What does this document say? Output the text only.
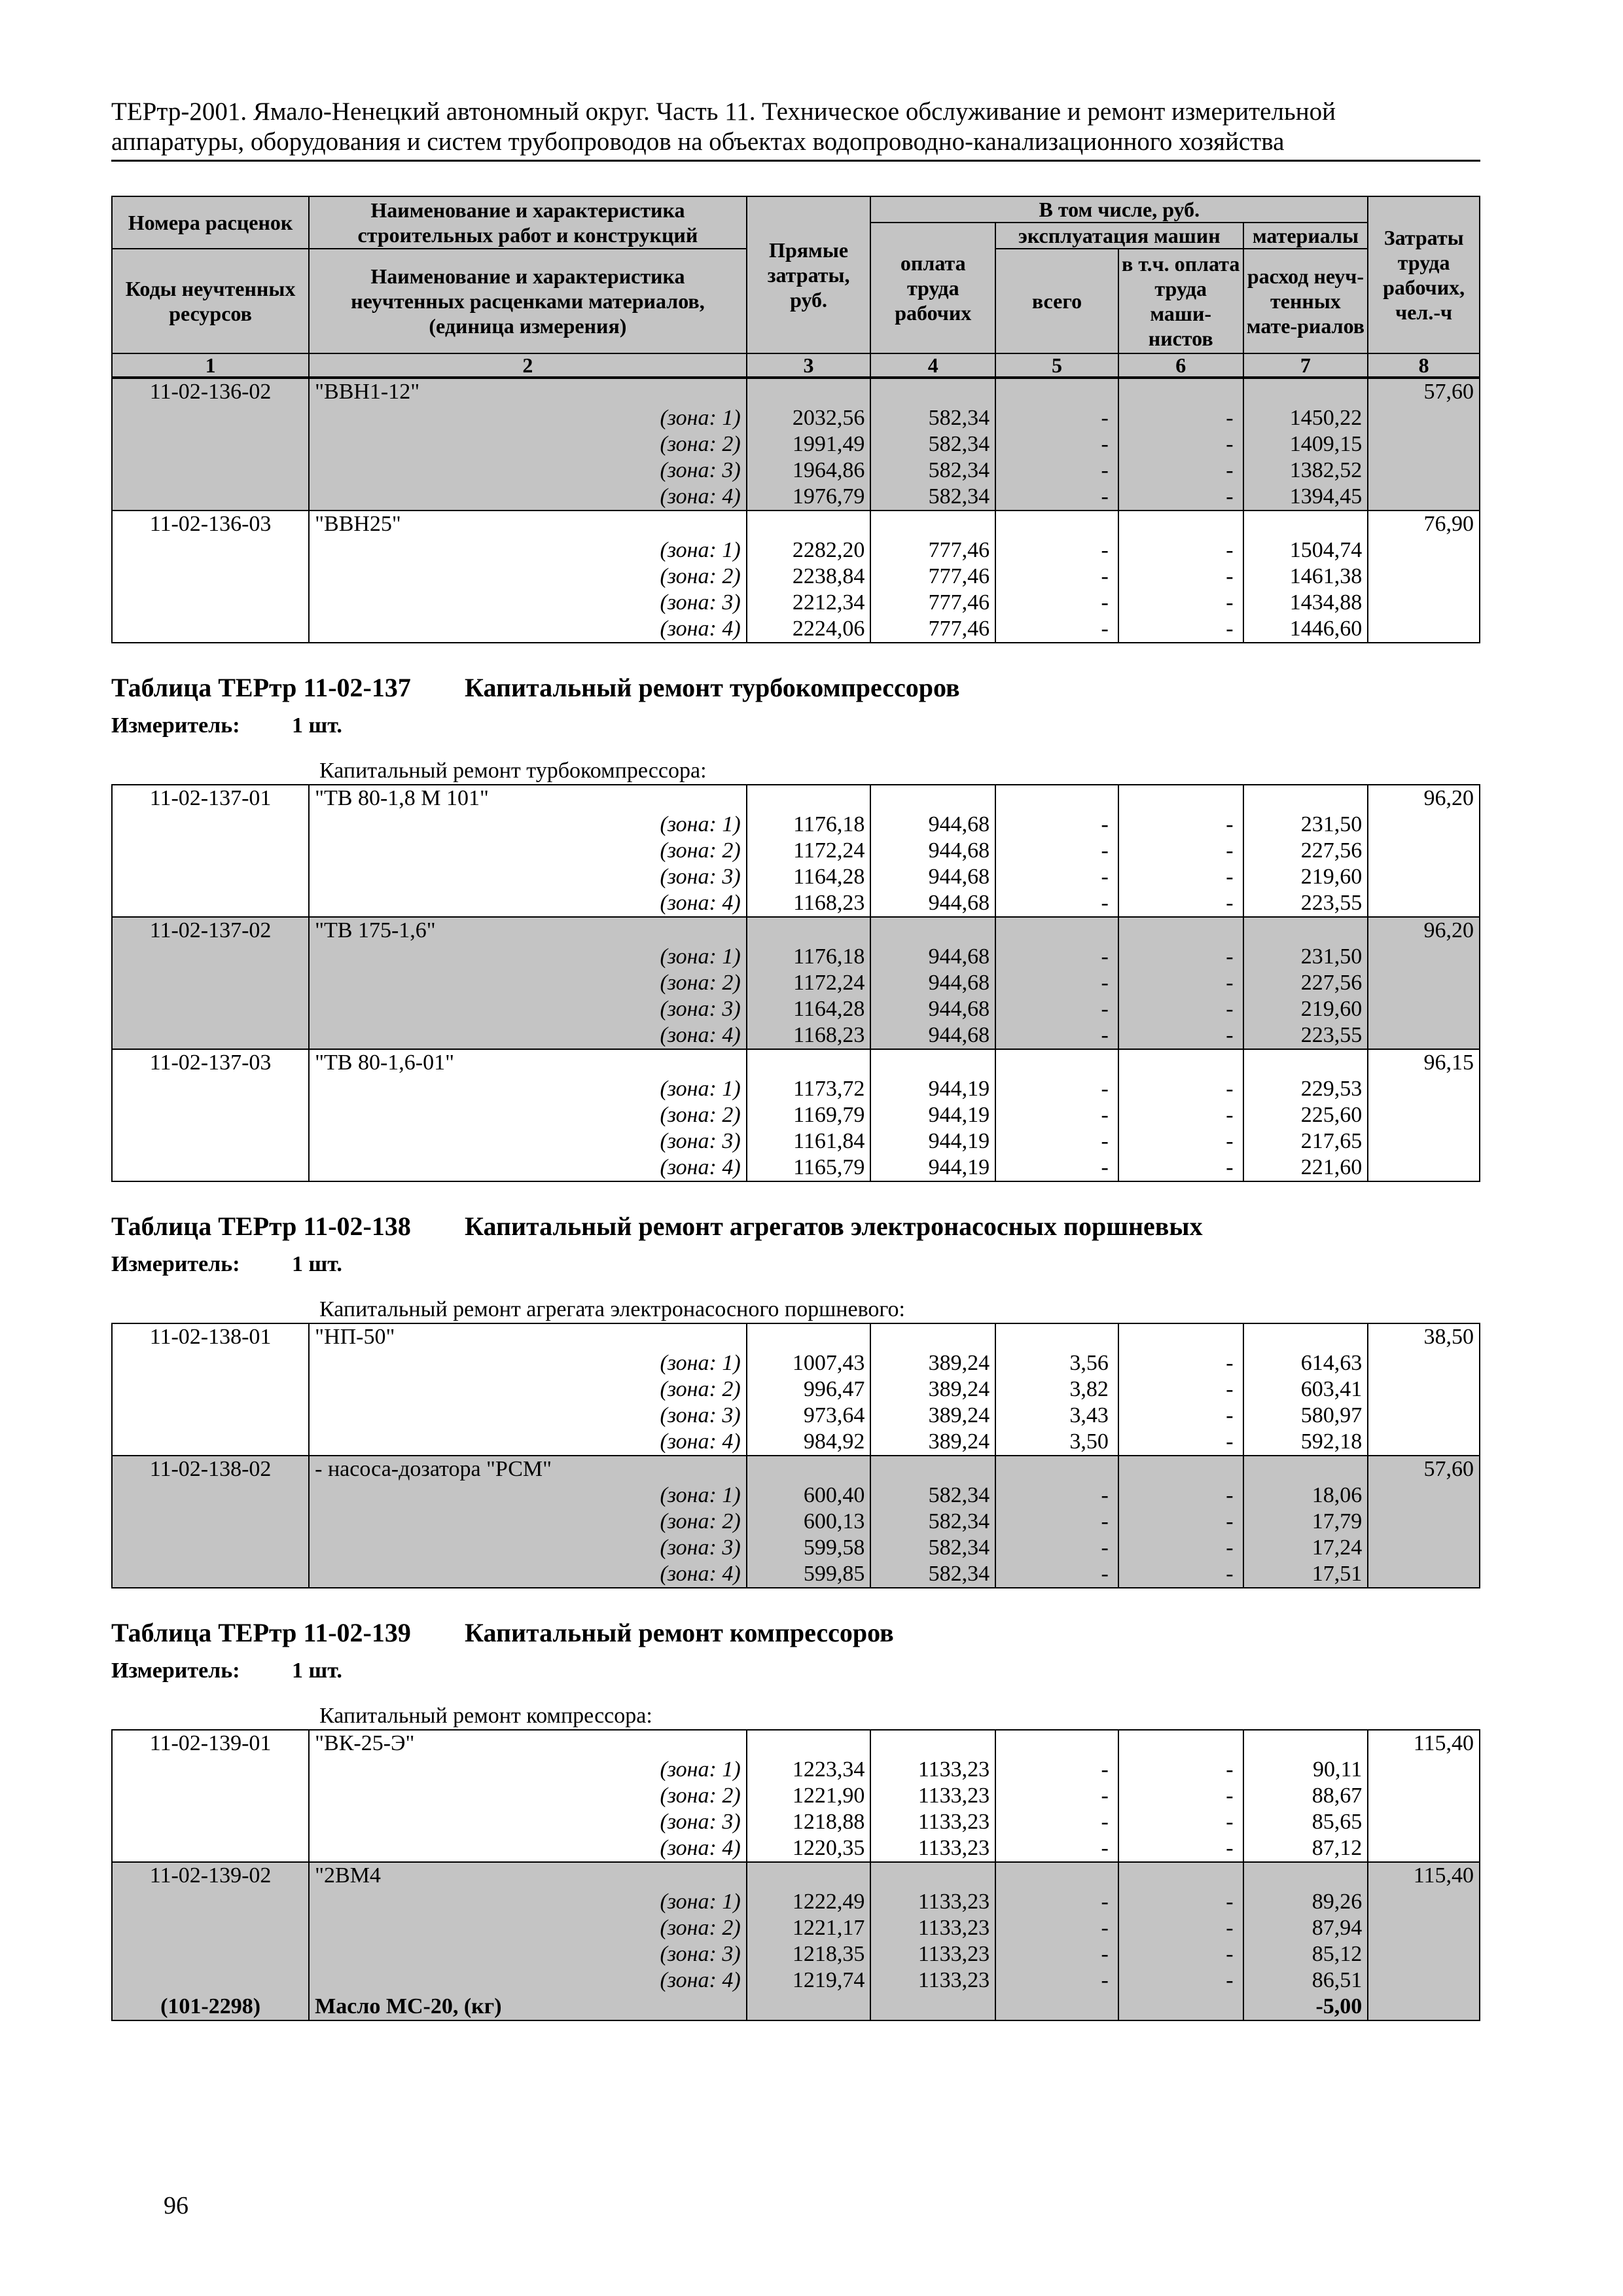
ТЕРтр-2001. Ямало-Ненецкий автономный округ. Часть 11. Техническое обслуживание и ремонт измерительной
аппаратуры, оборудования и систем трубопроводов на объектах водопроводно-канализационного хозяйства
Номера расценок	Наименование и характеристика строительных работ и конструкций	Прямые затраты, руб.	В том числе, руб.				Затраты труда рабочих, чел.-ч
			оплата труда рабочих	эксплуатация машин		материалы	
Коды неучтенных ресурсов	Наименование и характеристика неучтенных расценками материалов, (единица измерения)			всего	в т.ч. оплата труда маши-нистов	расход неуч-тенных мате-риалов	

1	2	3	4	5	6	7	8
11-02-136-02	"ВВН1-12"						57,60
	(зона: 1)	2032,56	582,34	-	-	1450,22	
	(зона: 2)	1991,49	582,34	-	-	1409,15	
	(зона: 3)	1964,86	582,34	-	-	1382,52	
	(зона: 4)	1976,79	582,34	-	-	1394,45	
11-02-136-03	"ВВН25"						76,90
	(зона: 1)	2282,20	777,46	-	-	1504,74	
	(зона: 2)	2238,84	777,46	-	-	1461,38	
	(зона: 3)	2212,34	777,46	-	-	1434,88	
	(зона: 4)	2224,06	777,46	-	-	1446,60	
Таблица ТЕРтр 11-02-137 Капитальный ремонт турбокомпрессоров
Измеритель: 1 шт.
Капитальный ремонт турбокомпрессора:
11-02-137-01	"ТВ 80-1,8 М 101"						96,20
	(зона: 1)	1176,18	944,68	-	-	231,50	
	(зона: 2)	1172,24	944,68	-	-	227,56	
	(зона: 3)	1164,28	944,68	-	-	219,60	
	(зона: 4)	1168,23	944,68	-	-	223,55	
11-02-137-02	"ТВ 175-1,6"						96,20
	(зона: 1)	1176,18	944,68	-	-	231,50	
	(зона: 2)	1172,24	944,68	-	-	227,56	
	(зона: 3)	1164,28	944,68	-	-	219,60	
	(зона: 4)	1168,23	944,68	-	-	223,55	
11-02-137-03	"ТВ 80-1,6-01"						96,15
	(зона: 1)	1173,72	944,19	-	-	229,53	
	(зона: 2)	1169,79	944,19	-	-	225,60	
	(зона: 3)	1161,84	944,19	-	-	217,65	
	(зона: 4)	1165,79	944,19	-	-	221,60	
Таблица ТЕРтр 11-02-138 Капитальный ремонт агрегатов электронасосных поршневых
Измеритель: 1 шт.
Капитальный ремонт агрегата электронасосного поршневого:
11-02-138-01	"НП-50"						38,50
	(зона: 1)	1007,43	389,24	3,56	-	614,63	
	(зона: 2)	996,47	389,24	3,82	-	603,41	
	(зона: 3)	973,64	389,24	3,43	-	580,97	
	(зона: 4)	984,92	389,24	3,50	-	592,18	
11-02-138-02	- насоса-дозатора "РСМ"						57,60
	(зона: 1)	600,40	582,34	-	-	18,06	
	(зона: 2)	600,13	582,34	-	-	17,79	
	(зона: 3)	599,58	582,34	-	-	17,24	
	(зона: 4)	599,85	582,34	-	-	17,51	
Таблица ТЕРтр 11-02-139 Капитальный ремонт компрессоров
Измеритель: 1 шт.
Капитальный ремонт компрессора:
11-02-139-01	"ВК-25-Э"						115,40
	(зона: 1)	1223,34	1133,23	-	-	90,11	
	(зона: 2)	1221,90	1133,23	-	-	88,67	
	(зона: 3)	1218,88	1133,23	-	-	85,65	
	(зона: 4)	1220,35	1133,23	-	-	87,12	
11-02-139-02	"2ВМ4						115,40
	(зона: 1)	1222,49	1133,23	-	-	89,26	
	(зона: 2)	1221,17	1133,23	-	-	87,94	
	(зона: 3)	1218,35	1133,23	-	-	85,12	
	(зона: 4)	1219,74	1133,23	-	-	86,51	
(101-2298)	Масло МС-20, (кг)					-5,00	
96
